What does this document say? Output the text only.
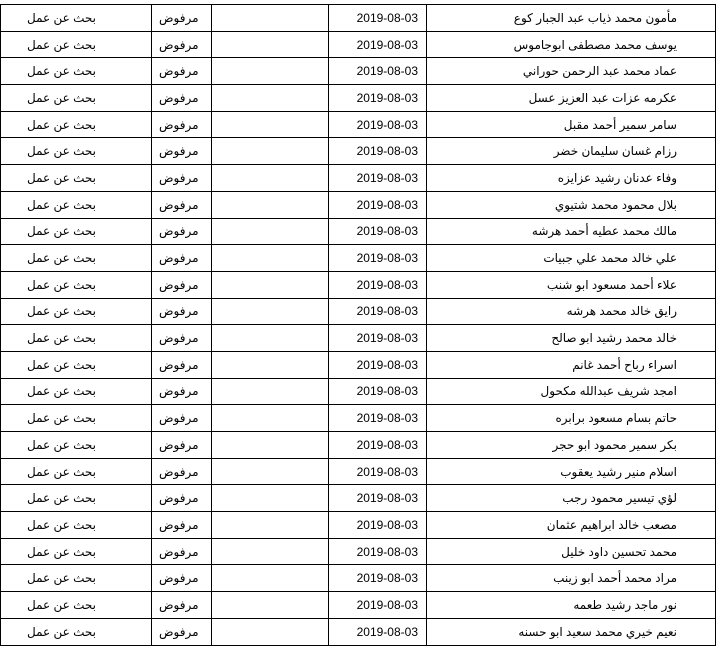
بحث عن عمل	مرفوض		2019-08-03	مأمون محمد ذياب عبد الجبار كوع
بحث عن عمل	مرفوض		2019-08-03	يوسف محمد مصطفى ابوجاموس
بحث عن عمل	مرفوض		2019-08-03	عماد محمد عبد الرحمن حوراني
بحث عن عمل	مرفوض		2019-08-03	عكرمه عزات عبد العزيز عسل
بحث عن عمل	مرفوض		2019-08-03	سامر سمير أحمد مقبل
بحث عن عمل	مرفوض		2019-08-03	رزام غسان سليمان خضر
بحث عن عمل	مرفوض		2019-08-03	وفاء عدنان رشيد عزايزه
بحث عن عمل	مرفوض		2019-08-03	بلال محمود محمد شتيوي
بحث عن عمل	مرفوض		2019-08-03	مالك محمد عطيه أحمد هرشه
بحث عن عمل	مرفوض		2019-08-03	علي خالد محمد علي جبيات
بحث عن عمل	مرفوض		2019-08-03	علاء أحمد مسعود ابو شنب
بحث عن عمل	مرفوض		2019-08-03	رايق خالد محمد هرشه
بحث عن عمل	مرفوض		2019-08-03	خالد محمد رشيد ابو صالح
بحث عن عمل	مرفوض		2019-08-03	اسراء رباح أحمد غانم
بحث عن عمل	مرفوض		2019-08-03	امجد شريف عبدالله مكحول
بحث عن عمل	مرفوض		2019-08-03	حاتم بسام مسعود برابره
بحث عن عمل	مرفوض		2019-08-03	بكر سمير محمود ابو حجر
بحث عن عمل	مرفوض		2019-08-03	اسلام منير رشيد يعقوب
بحث عن عمل	مرفوض		2019-08-03	لؤي تيسير محمود رجب
بحث عن عمل	مرفوض		2019-08-03	مصعب خالد ابراهيم عثمان
بحث عن عمل	مرفوض		2019-08-03	محمد تحسين داود خليل
بحث عن عمل	مرفوض		2019-08-03	مراد محمد أحمد ابو زينب
بحث عن عمل	مرفوض		2019-08-03	نور ماجد رشيد طعمه
بحث عن عمل	مرفوض		2019-08-03	نعيم خيري محمد سعيد ابو حسنه
